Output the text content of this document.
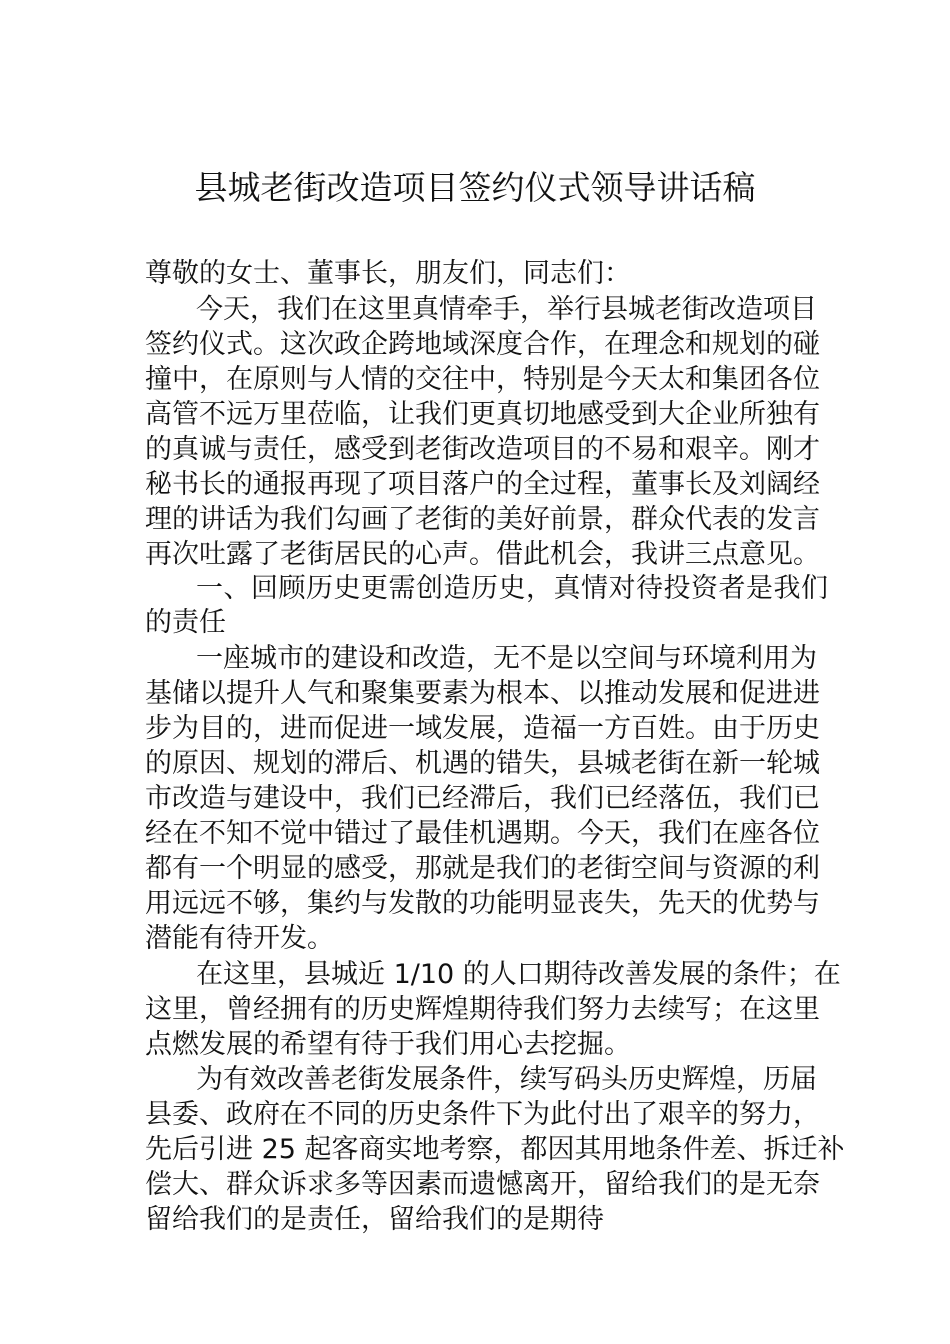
县城老街改造项目签约仪式领导讲话稿
尊敬的女士、董事长，朋友们，同志们：
今天，我们在这里真情牵手，举行县城老街改造项目
签约仪式。这次政企跨地域深度合作，在理念和规划的碰
撞中，在原则与人情的交往中，特别是今天太和集团各位
高管不远万里莅临，让我们更真切地感受到大企业所独有
的真诚与责任，感受到老街改造项目的不易和艰辛。刚才
秘书长的通报再现了项目落户的全过程，董事长及刘阔经
理的讲话为我们勾画了老街的美好前景，群众代表的发言
再次吐露了老街居民的心声。借此机会，我讲三点意见。
一、回顾历史更需创造历史，真情对待投资者是我们
的责任
一座城市的建设和改造，无不是以空间与环境利用为
基储以提升人气和聚集要素为根本、以推动发展和促进进
步为目的，进而促进一域发展，造福一方百姓。由于历史
的原因、规划的滞后、机遇的错失，县城老街在新一轮城
市改造与建设中，我们已经滞后，我们已经落伍，我们已
经在不知不觉中错过了最佳机遇期。今天，我们在座各位
都有一个明显的感受，那就是我们的老街空间与资源的利
用远远不够，集约与发散的功能明显丧失，先天的优势与
潜能有待开发。
在这里，县城近 1/10 的人口期待改善发展的条件；在
这里，曾经拥有的历史辉煌期待我们努力去续写；在这里
点燃发展的希望有待于我们用心去挖掘。
为有效改善老街发展条件，续写码头历史辉煌，历届
县委、政府在不同的历史条件下为此付出了艰辛的努力，
先后引进 25 起客商实地考察，都因其用地条件差、拆迁补
偿大、群众诉求多等因素而遗憾离开，留给我们的是无奈
留给我们的是责任，留给我们的是期待
